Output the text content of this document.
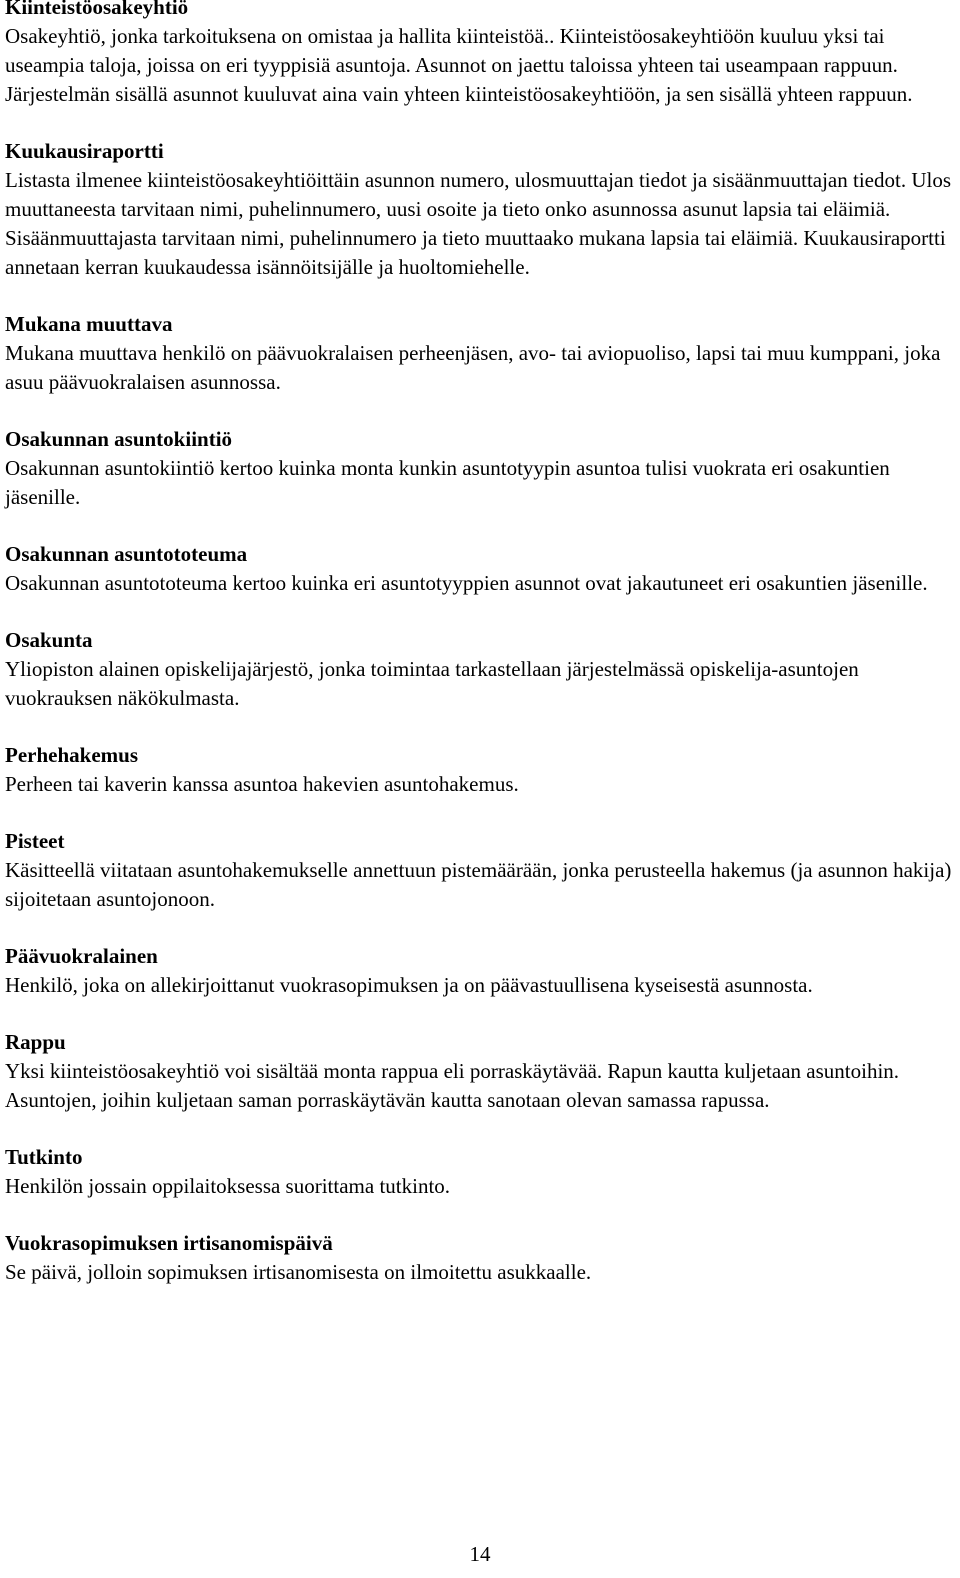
Kiinteistöosakeyhtiö

Osakeyhtiö, jonka tarkoituksena on omistaa ja hallita kiinteistöä.. Kiinteistöosakeyhtiöön kuuluu yksi tai useampia taloja, joissa on eri tyyppisiä asuntoja. Asunnot on jaettu taloissa yhteen tai useampaan rappuun. Järjestelmän sisällä asunnot kuuluvat aina vain yhteen kiinteistöosakeyhtiöön, ja sen sisällä yhteen rappuun.

Kuukausiraportti

Listasta ilmenee kiinteistöosakeyhtiöittäin asunnon numero, ulosmuuttajan tiedot ja sisäänmuuttajan tiedot. Ulos muuttaneesta tarvitaan nimi, puhelinnumero, uusi osoite ja tieto onko asunnossa asunut lapsia tai eläimiä. Sisäänmuuttajasta tarvitaan nimi, puhelinnumero ja tieto muuttaako mukana lapsia tai eläimiä. Kuukausiraportti annetaan kerran kuukaudessa isännöitsijälle ja huoltomiehelle.

Mukana muuttava

Mukana muuttava henkilö on päävuokralaisen perheenjäsen, avo- tai aviopuoliso, lapsi tai muu kumppani, joka asuu päävuokralaisen asunnossa.

Osakunnan asuntokiintiö

Osakunnan asuntokiintiö kertoo kuinka monta kunkin asuntotyypin asuntoa tulisi vuokrata eri osakuntien jäsenille.

Osakunnan asuntototeuma

Osakunnan asuntototeuma kertoo kuinka eri asuntotyyppien asunnot ovat jakautuneet eri osakuntien jäsenille.

Osakunta

Yliopiston alainen opiskelijajärjestö, jonka toimintaa tarkastellaan järjestelmässä opiskelija-asuntojen vuokrauksen näkökulmasta.

Perhehakemus

Perheen tai kaverin kanssa asuntoa hakevien asuntohakemus.

Pisteet

Käsitteellä viitataan asuntohakemukselle annettuun pistemäärään, jonka perusteella hakemus (ja asunnon hakija) sijoitetaan asuntojonoon.

Päävuokralainen

Henkilö, joka on allekirjoittanut vuokrasopimuksen ja on päävastuullisena kyseisestä asunnosta.

Rappu

Yksi kiinteistöosakeyhtiö voi sisältää monta rappua eli porraskäytävää. Rapun kautta kuljetaan asuntoihin. Asuntojen, joihin kuljetaan saman porraskäytävän kautta sanotaan olevan samassa rapussa.

Tutkinto

Henkilön jossain oppilaitoksessa suorittama tutkinto.

Vuokrasopimuksen irtisanomispäivä

Se päivä, jolloin sopimuksen irtisanomisesta on ilmoitettu asukkaalle.

14
